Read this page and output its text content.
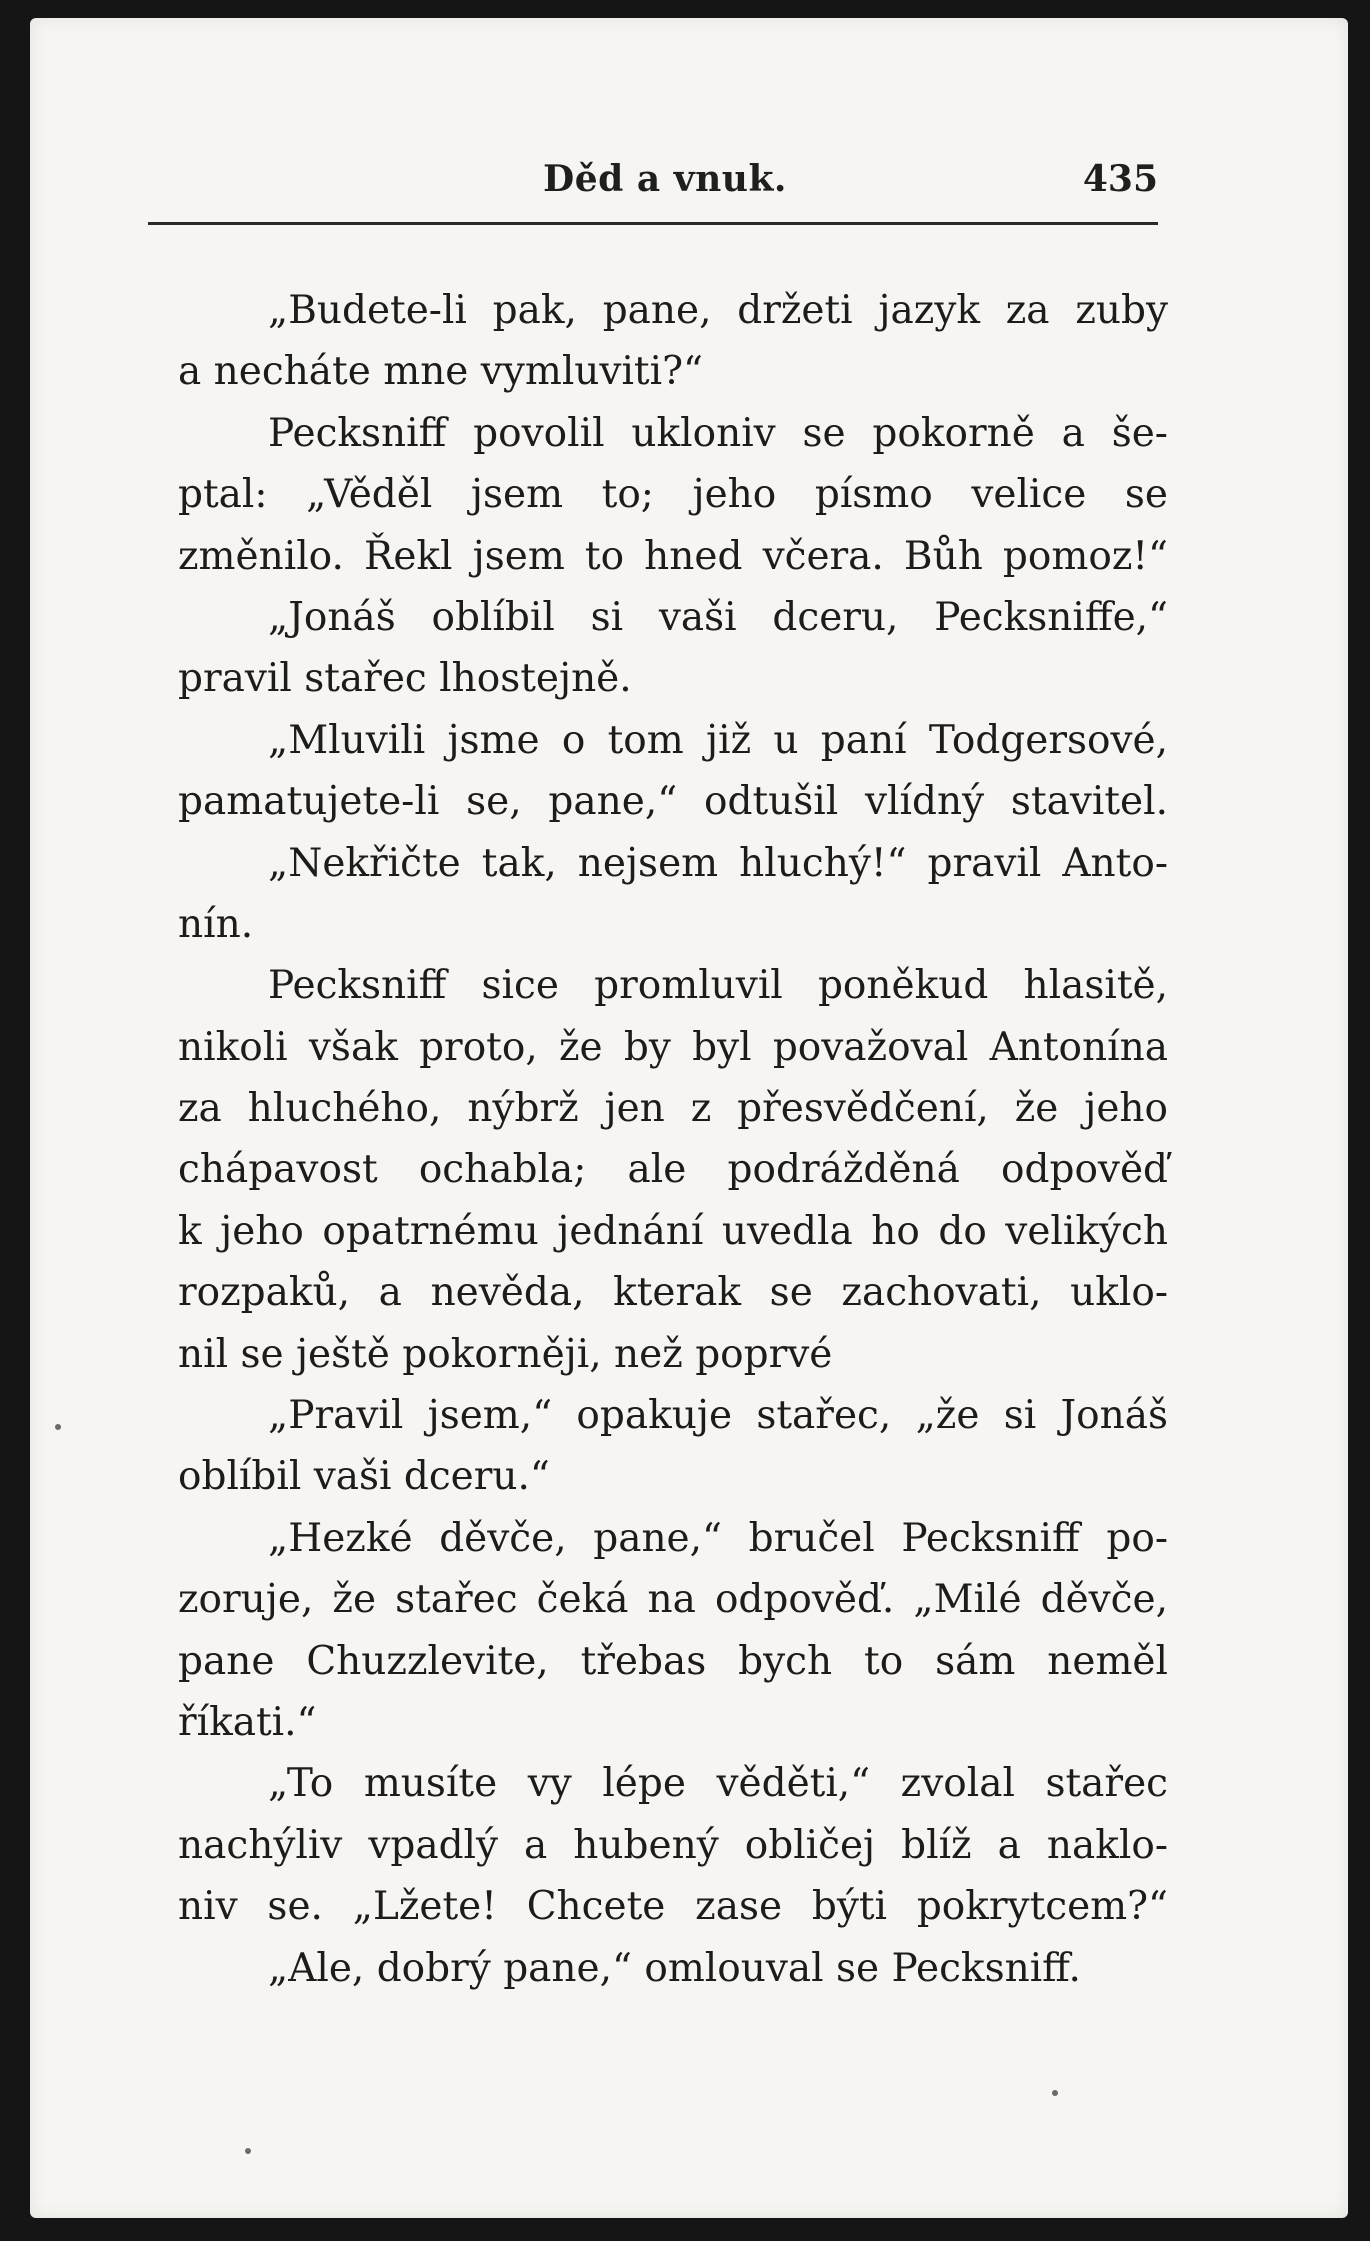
Děd a vnuk.	435
„Budete-li pak, pane, držeti jazyk za zuby
a necháte mne vymluviti?“
Pecksniff povolil ukloniv se pokorně a še-
ptal: „Věděl jsem to; jeho písmo velice se
změnilo. Řekl jsem to hned včera. Bůh pomoz!“
„Jonáš oblíbil si vaši dceru, Pecksniffe,“
pravil stařec lhostejně.
„Mluvili jsme o tom již u paní Todgersové,
pamatujete-li se, pane,“ odtušil vlídný stavitel.
„Nekřičte tak, nejsem hluchý!“ pravil Anto-
nín.
Pecksniff sice promluvil poněkud hlasitě,
nikoli však proto, že by byl považoval Antonína
za hluchého, nýbrž jen z přesvědčení, že jeho
chápavost ochabla; ale podrážděná odpověď
k jeho opatrnému jednání uvedla ho do velikých
rozpaků, a nevěda, kterak se zachovati, uklo-
nil se ještě pokorněji, než poprvé
„Pravil jsem,“ opakuje stařec, „že si Jonáš
oblíbil vaši dceru.“
„Hezké děvče, pane,“ bručel Pecksniff po-
zoruje, že stařec čeká na odpověď. „Milé děvče,
pane Chuzzlevite, třebas bych to sám neměl
říkati.“
„To musíte vy lépe věděti,“ zvolal stařec
nachýliv vpadlý a hubený obličej blíž a naklo-
niv se. „Lžete! Chcete zase býti pokrytcem?“
„Ale, dobrý pane,“ omlouval se Pecksniff.
